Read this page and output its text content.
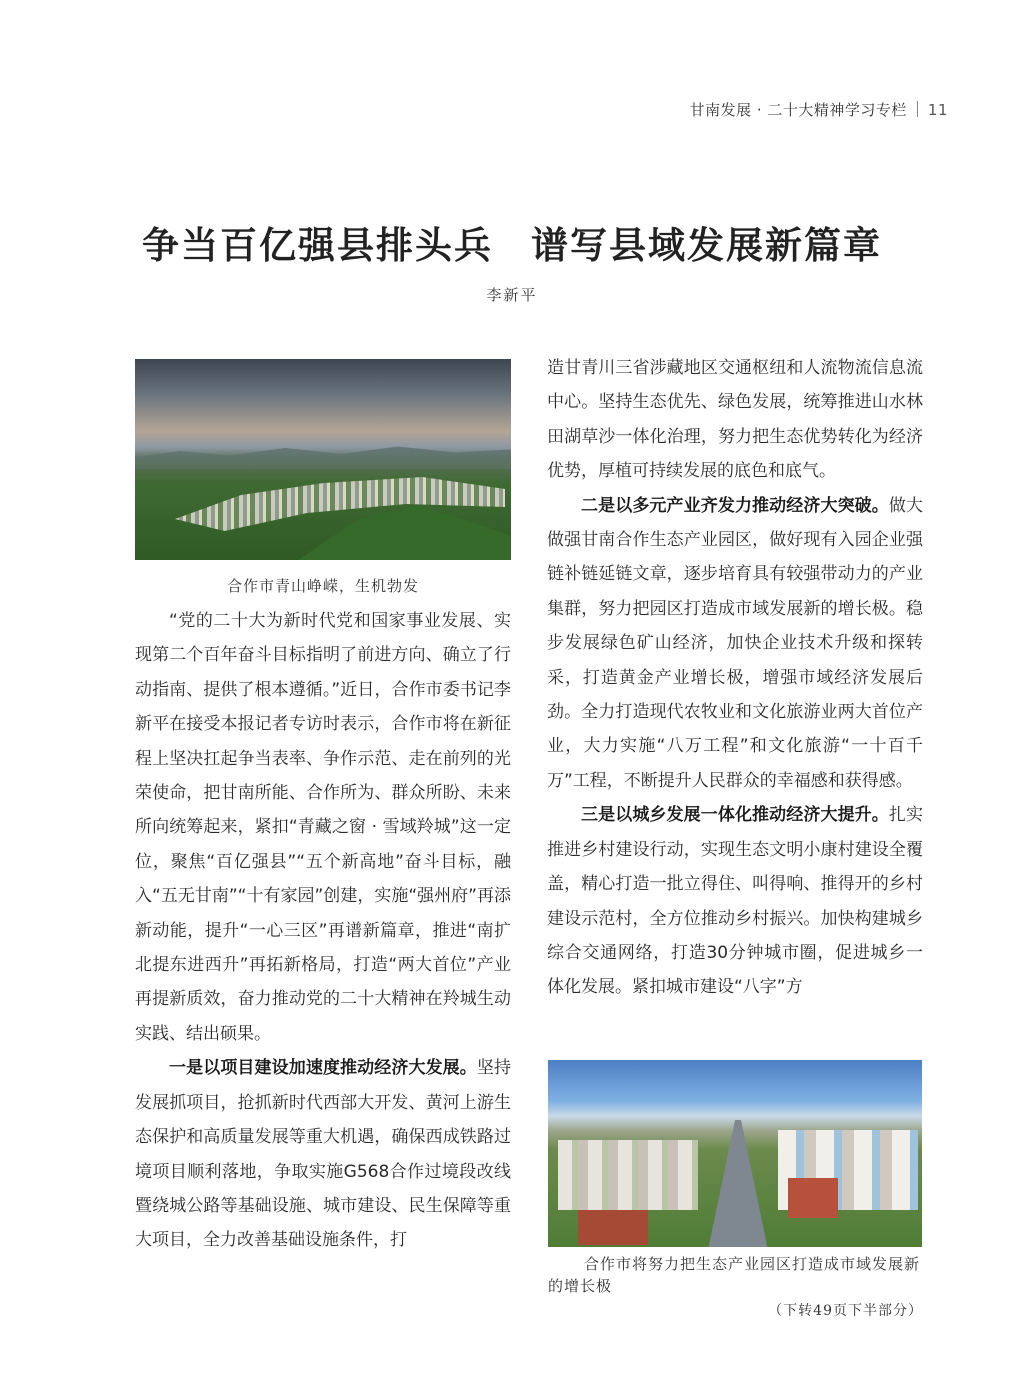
甘南发展 · 二十大精神学习专栏 11
争当百亿强县排头兵 谱写县域发展新篇章
李新平
合作市青山峥嵘，生机勃发

“党的二十大为新时代党和国家事业发展、实现第二个百年奋斗目标指明了前进方向、确立了行动指南、提供了根本遵循。”近日，合作市委书记李新平在接受本报记者专访时表示，合作市将在新征程上坚决扛起争当表率、争作示范、走在前列的光荣使命，把甘南所能、合作所为、群众所盼、未来所向统筹起来，紧扣“青藏之窗 · 雪域羚城”这一定位，聚焦“百亿强县”“五个新高地”奋斗目标，融入“五无甘南”“十有家园”创建，实施“强州府”再添新动能，提升“一心三区”再谱新篇章，推进“南扩北提东进西升”再拓新格局，打造“两大首位”产业再提新质效，奋力推动党的二十大精神在羚城生动实践、结出硕果。

一是以项目建设加速度推动经济大发展。坚持发展抓项目，抢抓新时代西部大开发、黄河上游生态保护和高质量发展等重大机遇，确保西成铁路过境项目顺利落地，争取实施G568合作过境段改线暨绕城公路等基础设施、城市建设、民生保障等重大项目，全力改善基础设施条件，打

造甘青川三省涉藏地区交通枢纽和人流物流信息流中心。坚持生态优先、绿色发展，统筹推进山水林田湖草沙一体化治理，努力把生态优势转化为经济优势，厚植可持续发展的底色和底气。

二是以多元产业齐发力推动经济大突破。做大做强甘南合作生态产业园区，做好现有入园企业强链补链延链文章，逐步培育具有较强带动力的产业集群，努力把园区打造成市域发展新的增长极。稳步发展绿色矿山经济，加快企业技术升级和探转采，打造黄金产业增长极，增强市域经济发展后劲。全力打造现代农牧业和文化旅游业两大首位产业，大力实施“八万工程”和文化旅游“一十百千万”工程，不断提升人民群众的幸福感和获得感。

三是以城乡发展一体化推动经济大提升。扎实推进乡村建设行动，实现生态文明小康村建设全覆盖，精心打造一批立得住、叫得响、推得开的乡村建设示范村，全方位推动乡村振兴。加快构建城乡综合交通网络，打造30分钟城市圈，促进城乡一体化发展。紧扣城市建设“八字”方

合作市将努力把生态产业园区打造成市域发展新的增长极
（下转49页下半部分）
